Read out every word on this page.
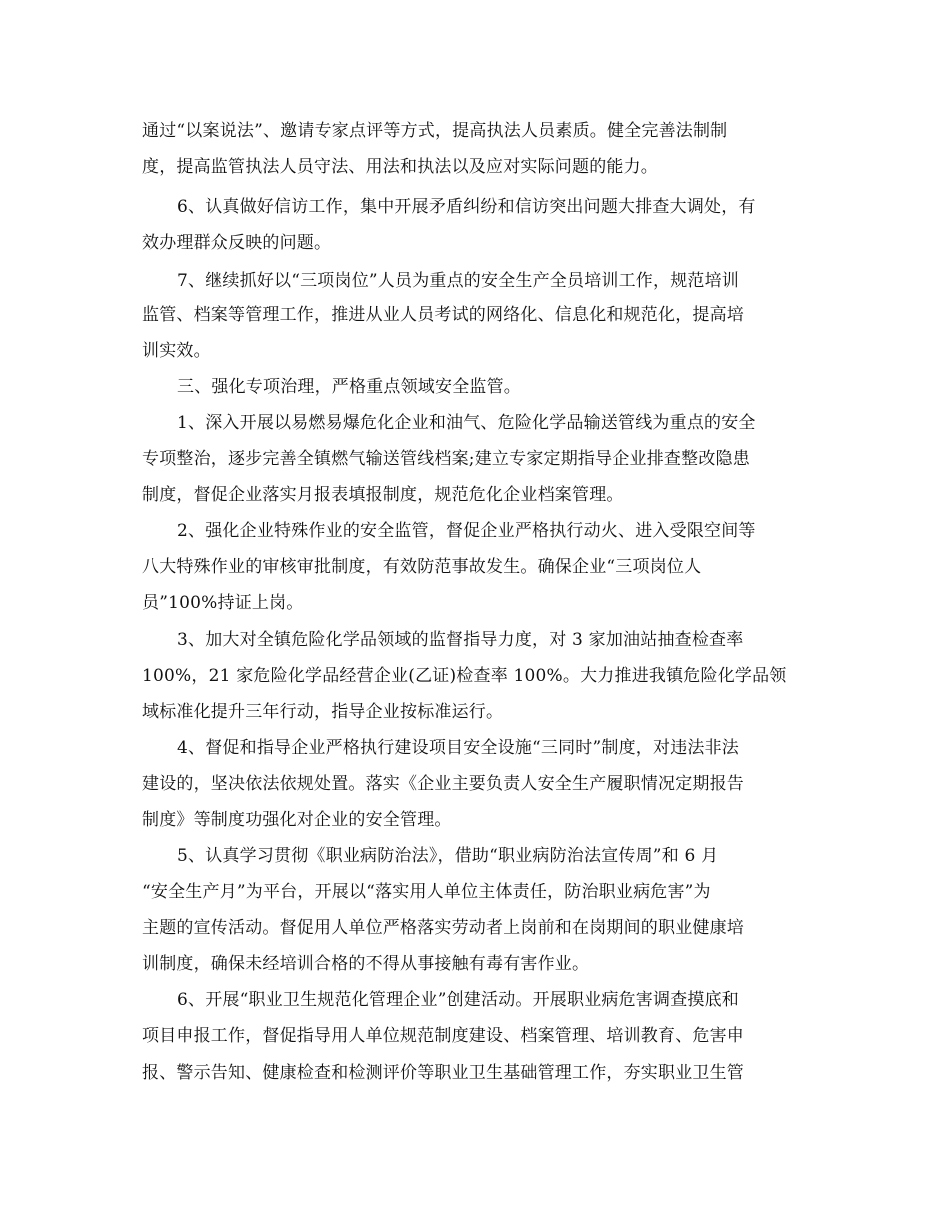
通过“以案说法”、邀请专家点评等方式，提高执法人员素质。健全完善法制制
度，提高监管执法人员守法、用法和执法以及应对实际问题的能力。
6、认真做好信访工作，集中开展矛盾纠纷和信访突出问题大排查大调处，有
效办理群众反映的问题。
7、继续抓好以“三项岗位”人员为重点的安全生产全员培训工作，规范培训
监管、档案等管理工作，推进从业人员考试的网络化、信息化和规范化，提高培
训实效。
三、强化专项治理，严格重点领域安全监管。
1、深入开展以易燃易爆危化企业和油气、危险化学品输送管线为重点的安全
专项整治，逐步完善全镇燃气输送管线档案;建立专家定期指导企业排查整改隐患
制度，督促企业落实月报表填报制度，规范危化企业档案管理。
2、强化企业特殊作业的安全监管，督促企业严格执行动火、进入受限空间等
八大特殊作业的审核审批制度，有效防范事故发生。确保企业“三项岗位人
员”100%持证上岗。
3、加大对全镇危险化学品领域的监督指导力度，对 3 家加油站抽查检查率
100%，21 家危险化学品经营企业(乙证)检查率 100%。大力推进我镇危险化学品领
域标准化提升三年行动，指导企业按标准运行。
4、督促和指导企业严格执行建设项目安全设施“三同时”制度，对违法非法
建设的，坚决依法依规处置。落实《企业主要负责人安全生产履职情况定期报告
制度》等制度功强化对企业的安全管理。
5、认真学习贯彻《职业病防治法》，借助“职业病防治法宣传周”和 6 月
“安全生产月”为平台，开展以“落实用人单位主体责任，防治职业病危害”为
主题的宣传活动。督促用人单位严格落实劳动者上岗前和在岗期间的职业健康培
训制度，确保未经培训合格的不得从事接触有毒有害作业。
6、开展“职业卫生规范化管理企业”创建活动。开展职业病危害调查摸底和
项目申报工作，督促指导用人单位规范制度建设、档案管理、培训教育、危害申
报、警示告知、健康检查和检测评价等职业卫生基础管理工作，夯实职业卫生管
